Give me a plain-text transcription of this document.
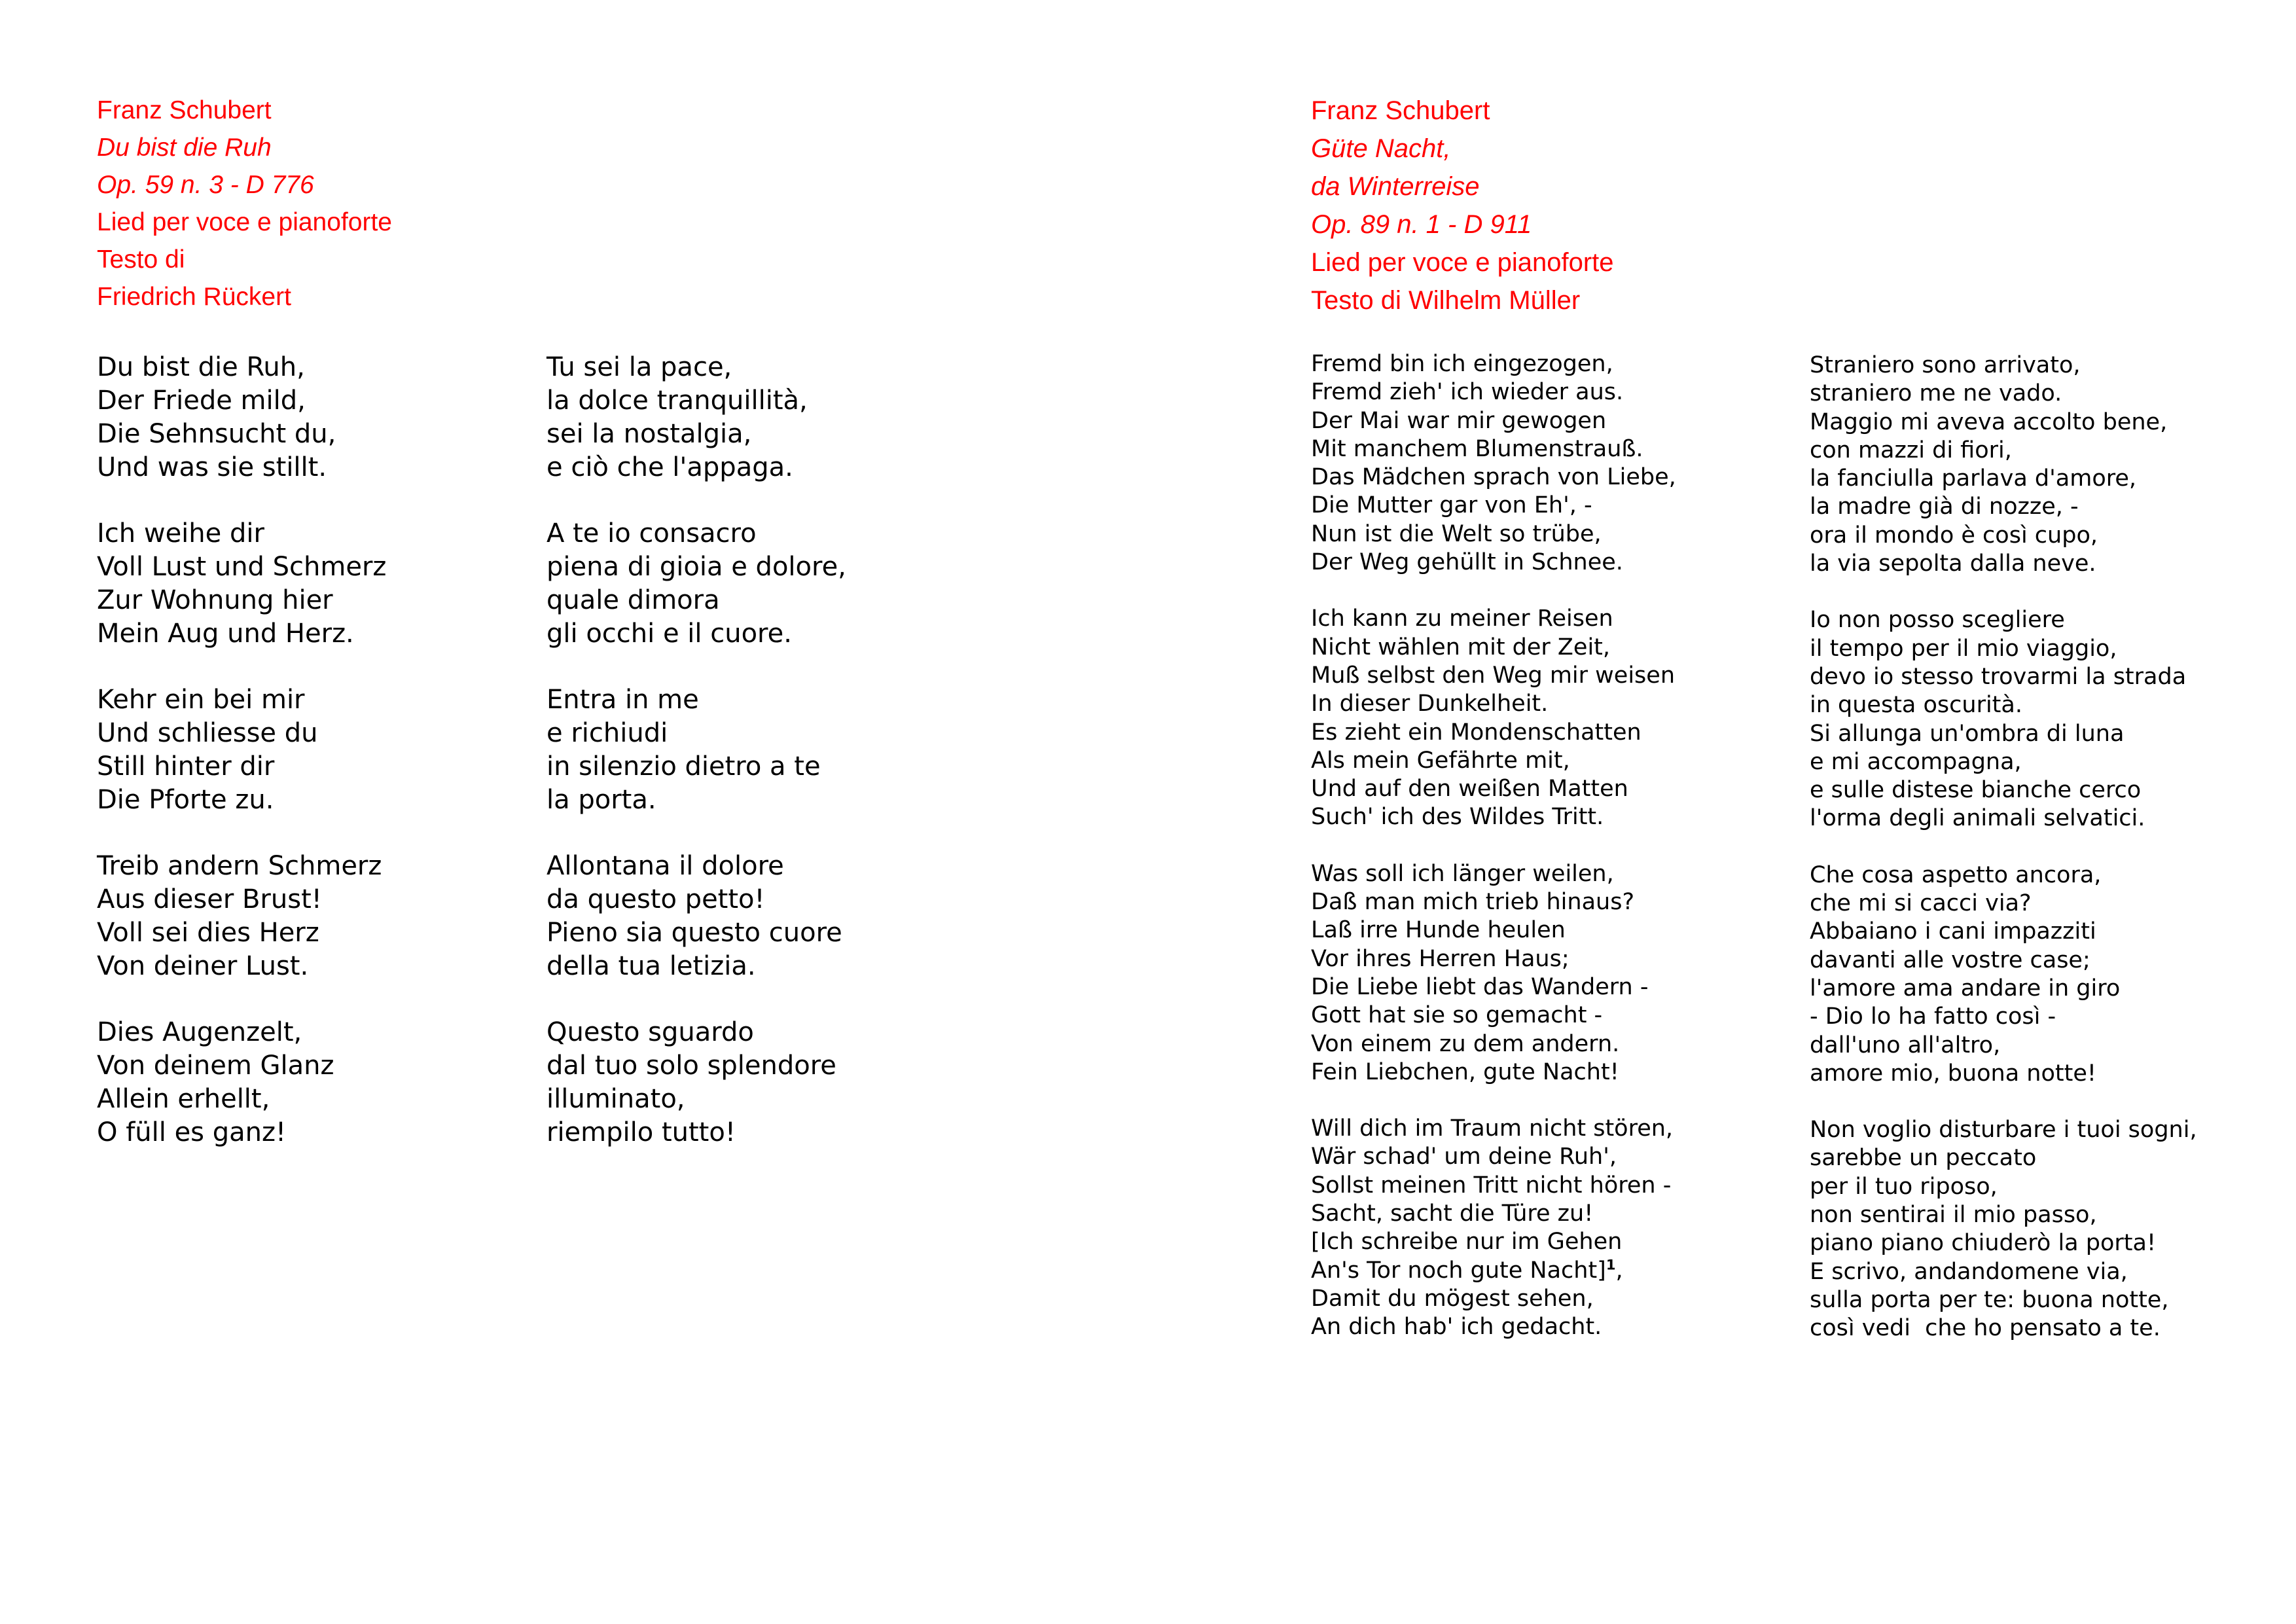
Franz Schubert
Du bist die Ruh
Op. 59 n. 3 - D 776
Lied per voce e pianoforte
Testo di
Friedrich Rückert
Du bist die Ruh,
Der Friede mild,
Die Sehnsucht du,
Und was sie stillt.
Ich weihe dir
Voll Lust und Schmerz
Zur Wohnung hier
Mein Aug und Herz.
Kehr ein bei mir
Und schliesse du
Still hinter dir
Die Pforte zu.
Treib andern Schmerz
Aus dieser Brust!
Voll sei dies Herz
Von deiner Lust.
Dies Augenzelt,
Von deinem Glanz
Allein erhellt,
O füll es ganz!
Tu sei la pace,
la dolce tranquillità,
sei la nostalgia,
e ciò che l'appaga.
A te io consacro
piena di gioia e dolore,
quale dimora
gli occhi e il cuore.
Entra in me
e richiudi
in silenzio dietro a te
la porta.
Allontana il dolore
da questo petto!
Pieno sia questo cuore
della tua letizia.
Questo sguardo
dal tuo solo splendore
illuminato,
riempilo tutto!
Franz Schubert
Güte Nacht,
da Winterreise
Op. 89 n. 1 - D 911
Lied per voce e pianoforte
Testo di Wilhelm Müller
Fremd bin ich eingezogen,
Fremd zieh' ich wieder aus.
Der Mai war mir gewogen
Mit manchem Blumenstrauß.
Das Mädchen sprach von Liebe,
Die Mutter gar von Eh', -
Nun ist die Welt so trübe,
Der Weg gehüllt in Schnee.
Ich kann zu meiner Reisen
Nicht wählen mit der Zeit,
Muß selbst den Weg mir weisen
In dieser Dunkelheit.
Es zieht ein Mondenschatten
Als mein Gefährte mit,
Und auf den weißen Matten
Such' ich des Wildes Tritt.
Was soll ich länger weilen,
Daß man mich trieb hinaus?
Laß irre Hunde heulen
Vor ihres Herren Haus;
Die Liebe liebt das Wandern -
Gott hat sie so gemacht -
Von einem zu dem andern.
Fein Liebchen, gute Nacht!
Will dich im Traum nicht stören,
Wär schad' um deine Ruh',
Sollst meinen Tritt nicht hören -
Sacht, sacht die Türe zu!
[Ich schreibe nur im Gehen
An's Tor noch gute Nacht]$^1$,
Damit du mögest sehen,
An dich hab' ich gedacht.
Straniero sono arrivato,
straniero me ne vado.
Maggio mi aveva accolto bene,
con mazzi di fiori,
la fanciulla parlava d'amore,
la madre già di nozze, -
ora il mondo è così cupo,
la via sepolta dalla neve.
Io non posso scegliere
il tempo per il mio viaggio,
devo io stesso trovarmi la strada
in questa oscurità.
Si allunga un'ombra di luna
e mi accompagna,
e sulle distese bianche cerco
l'orma degli animali selvatici.
Che cosa aspetto ancora,
che mi si cacci via?
Abbaiano i cani impazziti
davanti alle vostre case;
l'amore ama andare in giro
- Dio lo ha fatto così -
dall'uno all'altro,
amore mio, buona notte!
Non voglio disturbare i tuoi sogni,
sarebbe un peccato
per il tuo riposo,
non sentirai il mio passo,
piano piano chiuderò la porta!
E scrivo, andandomene via,
sulla porta per te: buona notte,
così vedi  che ho pensato a te.
